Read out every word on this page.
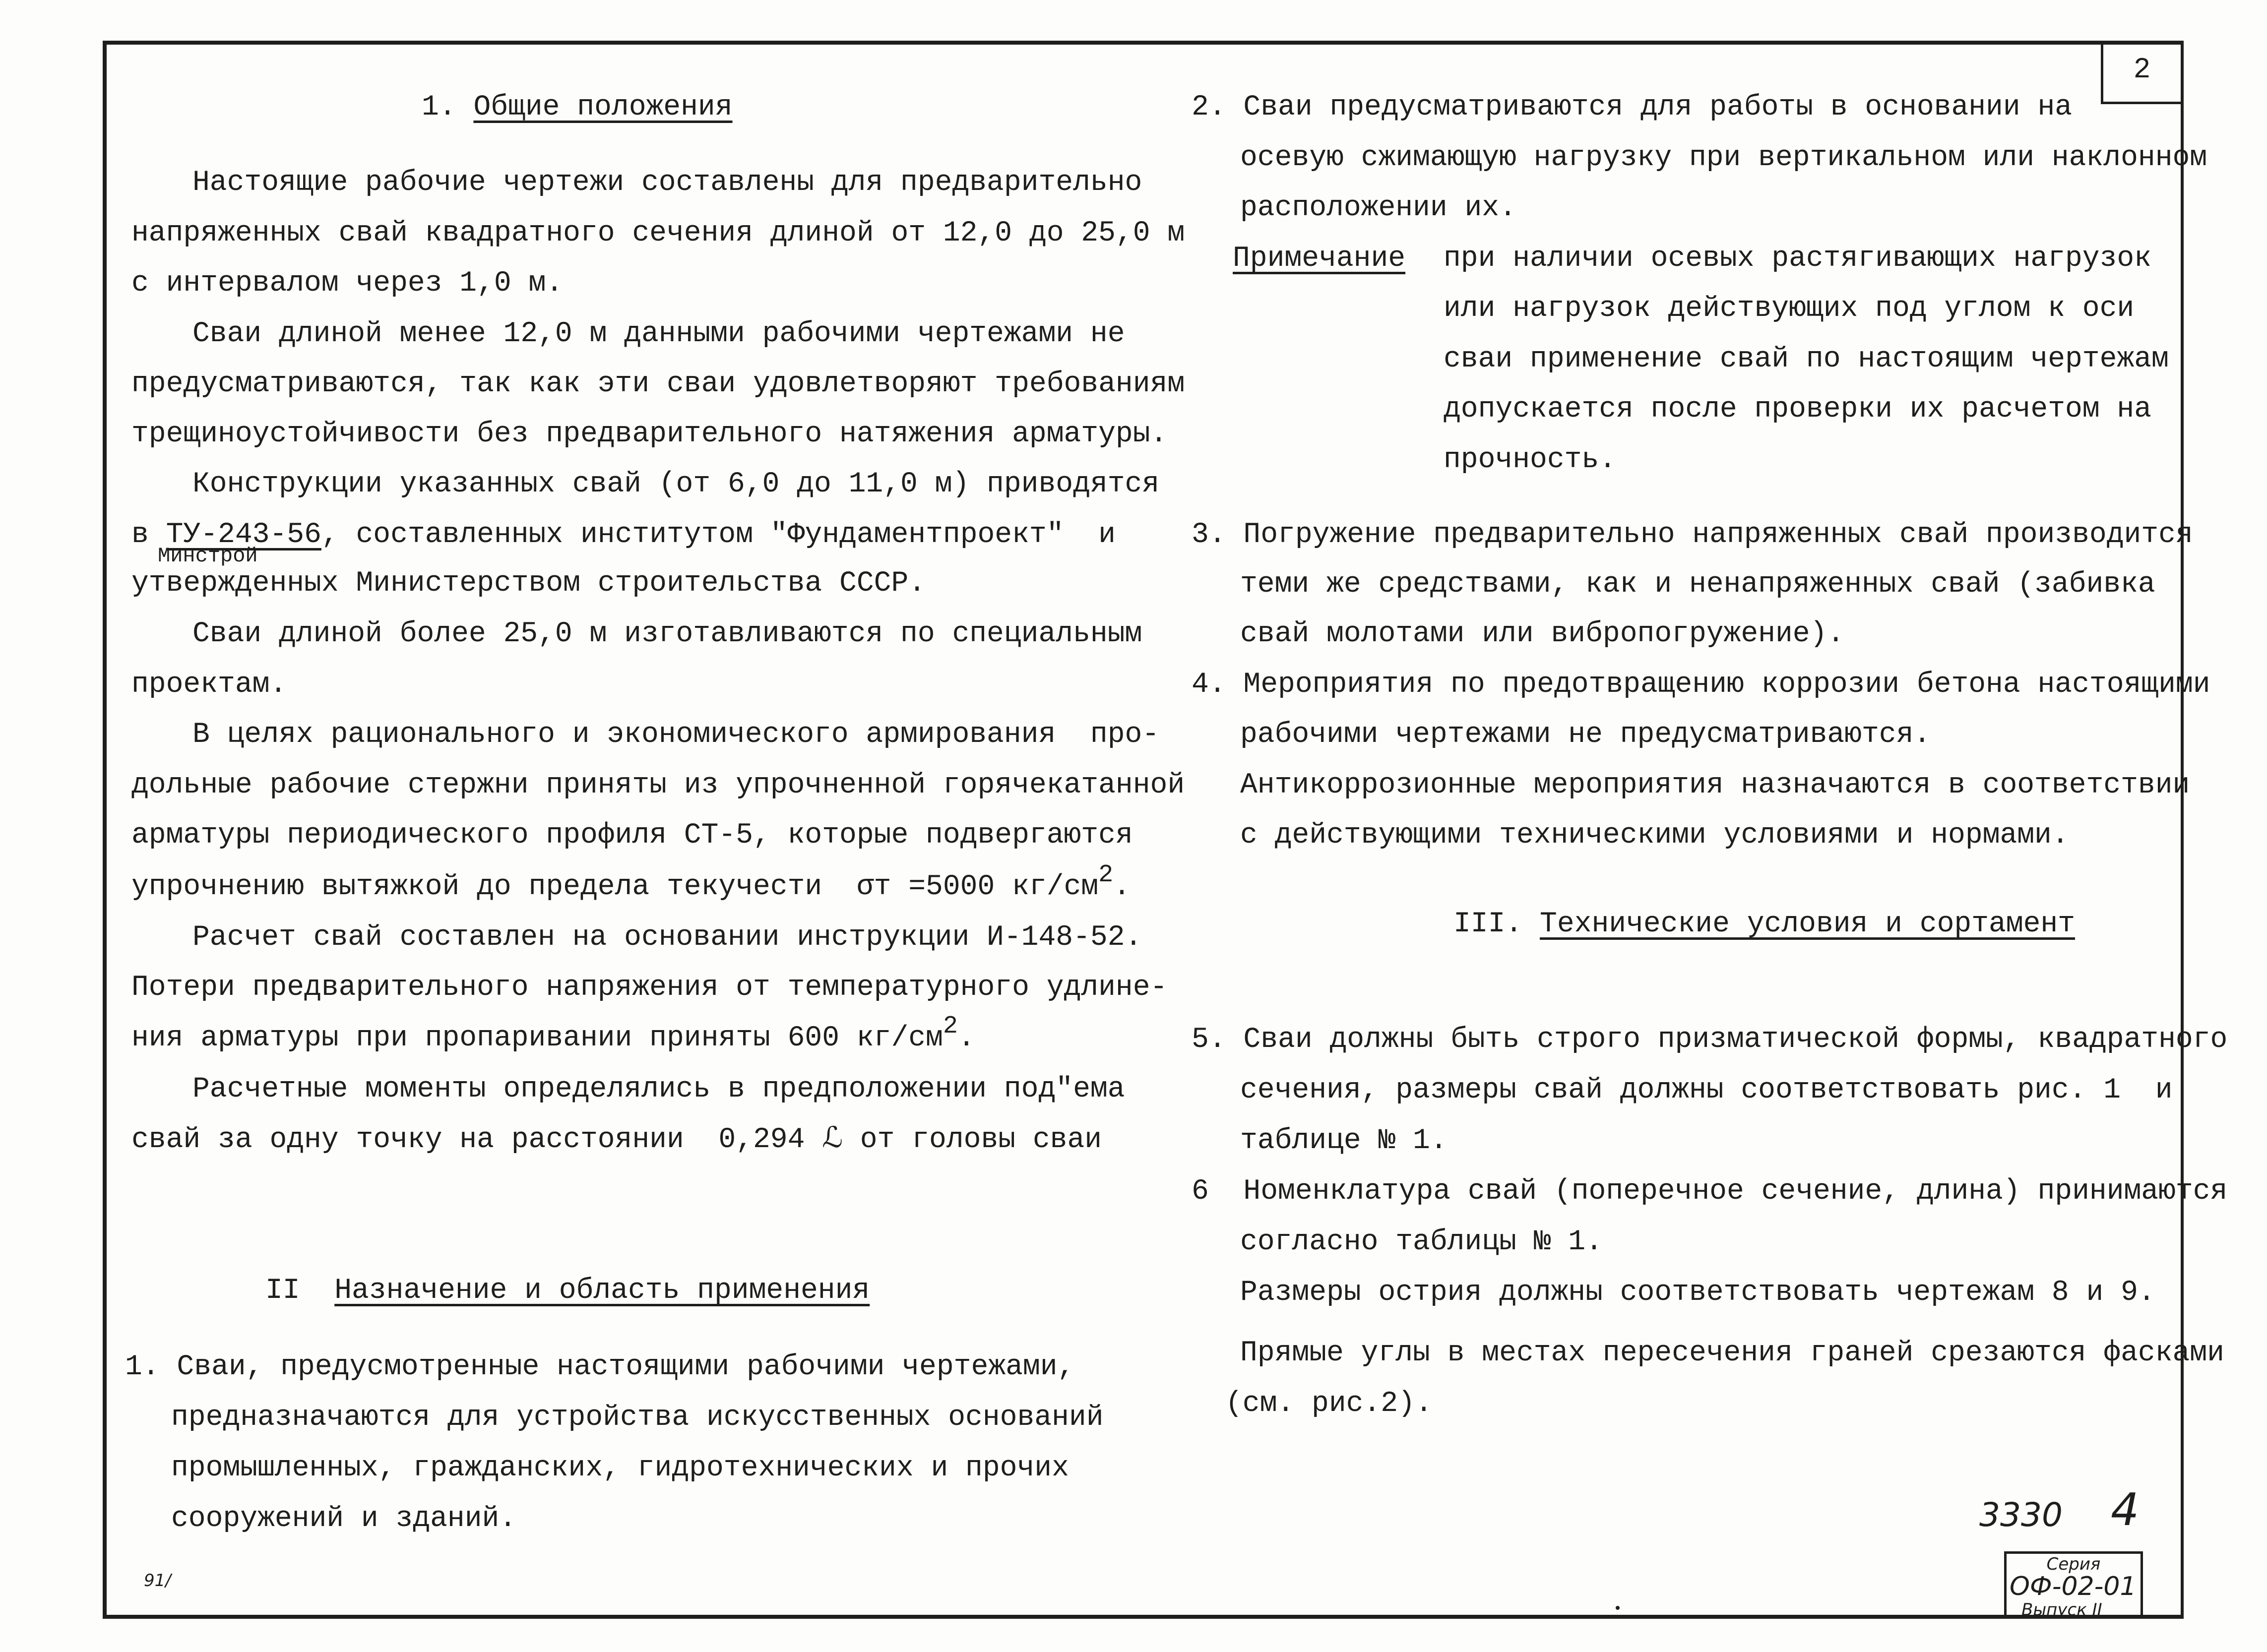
2
1. Общие положения
Настоящие рабочие чертежи составлены для предварительно
напряженных свай квадратного сечения длиной от 12,0 до 25,0 м
с интервалом через 1,0 м.
Сваи длиной менее 12,0 м данными рабочими чертежами не
предусматриваются, так как эти сваи удовлетворяют требованиям
трещиноустойчивости без предварительного натяжения арматуры.
Конструкции указанных свай (от 6,0 до 11,0 м) приводятся
в ТУ-243-56, составленных институтом "Фундаментпроект"  и
Минстрой
утвержденных Министерством строительства СССР.
Сваи длиной более 25,0 м изготавливаются по специальным
проектам.
В целях рационального и экономического армирования  про-
дольные рабочие стержни приняты из упрочненной горячекатанной
арматуры периодического профиля СТ-5, которые подвергаются
упрочнению вытяжкой до предела текучести  σт =5000 кг/см2.
Расчет свай составлен на основании инструкции И-148-52.
Потери предварительного напряжения от температурного удлине-
ния арматуры при пропаривании приняты 600 кг/см2.
Расчетные моменты определялись в предположении под"ема
свай за одну точку на расстоянии  0,294 ℒ от головы сваи
II Назначение и область применения
1. Сваи, предусмотренные настоящими рабочими чертежами,
предназначаются для устройства искусственных оснований
промышленных, гражданских, гидротехнических и прочих
сооружений и зданий.
91/
2. Сваи предусматриваются для работы в основании на
осевую сжимающую нагрузку при вертикальном или наклонном
расположении их.
Примечание при наличии осевых растягивающих нагрузок
или нагрузок действующих под углом к оси
сваи применение свай по настоящим чертежам
допускается после проверки их расчетом на
прочность.
3. Погружение предварительно напряженных свай производится
теми же средствами, как и ненапряженных свай (забивка
свай молотами или вибропогружение).
4. Мероприятия по предотвращению коррозии бетона настоящими
рабочими чертежами не предусматриваются.
Антикоррозионные мероприятия назначаются в соответствии
с действующими техническими условиями и нормами.
III. Технические условия и сортамент
5. Сваи должны быть строго призматической формы, квадратного
сечения, размеры свай должны соответствовать рис. 1  и
таблице № 1.
6  Номенклатура свай (поперечное сечение, длина) принимаются
согласно таблицы № 1.
Размеры острия должны соответствовать чертежам 8 и 9.
Прямые углы в местах пересечения граней срезаются фасками
(см. рис.2).
3330 4
Серия
ОФ-02-01
Выпуск II
